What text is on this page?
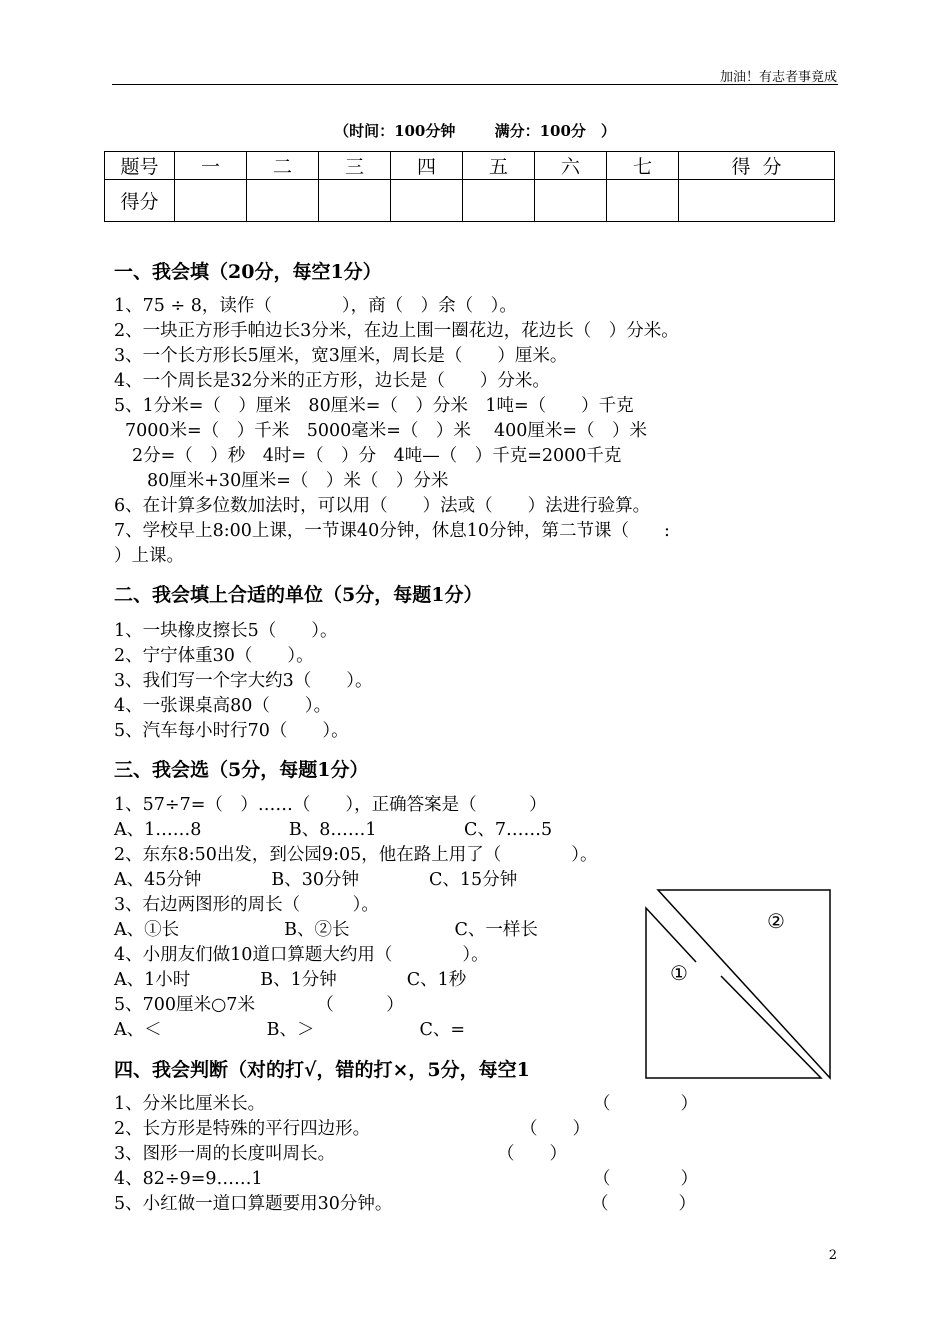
加油！有志者事竟成
（时间：100分钟	满分：100分　）
题号	一	二	三	四	五	六	七	得  分
得分								
一、我会填（20分，每空1分）
1、75 ÷ 8，读作（　　　　），商（　）余（　）。
2、一块正方形手帕边长3分米，在边上围一圈花边，花边长（　）分米。
3、一个长方形长5厘米，宽3厘米，周长是（　　）厘米。
4、一个周长是32分米的正方形，边长是（　　）分米。
5、1分米=（　）厘米　80厘米=（　）分米　1吨=（　　）千克
7000米=（　）千米　5000毫米=（　）米　 400厘米=（　）米
2分=（　）秒　4时=（　）分　4吨—（　）千克=2000千克
80厘米+30厘米=（　）米（　）分米
6、在计算多位数加法时，可以用（　　）法或（　　）法进行验算。
7、学校早上8:00上课，一节课40分钟，休息10分钟，第二节课（　　:
）上课。
二、我会填上合适的单位（5分，每题1分）
1、一块橡皮擦长5（　　）。
2、宁宁体重30（　　）。
3、我们写一个字大约3（　　）。
4、一张课桌高80（　　）。
5、汽车每小时行70（　　）。
三、我会选（5分，每题1分）
1、57÷7=（　）……（　　），正确答案是（　　　）
A、1……8　　　　　B、8……1　　　　　C、7……5
2、东东8:50出发，到公园9:05，他在路上用了（　　　　）。
A、45分钟　　　　B、30分钟　　　　C、15分钟
3、右边两图形的周长（　　　）。
A、①长　　　　　　B、②长　　　　　　C、一样长
4、小朋友们做10道口算题大约用（　　　　）。
A、1小时　　　　B、1分钟　　　　C、1秒
5、700厘米○7米　　　　（　　　）
A、＜　　　　　　B、＞　　　　　　C、=
②
①
四、我会判断（对的打√，错的打×，5分，每空1
1、分米比厘米长。	（　　　　）
2、长方形是特殊的平行四边形。	（　　）
3、图形一周的长度叫周长。	（　　）
4、82÷9=9……1	（　　　　）
5、小红做一道口算题要用30分钟。	（　　　　）
2
